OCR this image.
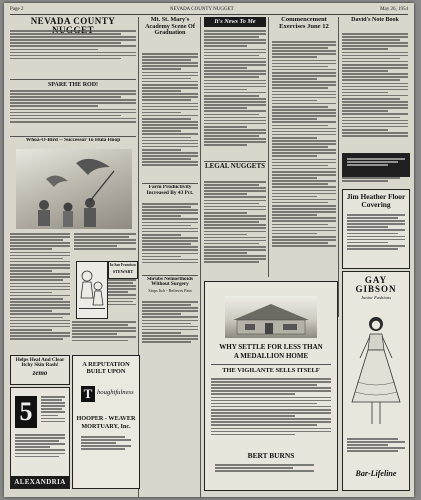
Page 2	NEVADA COUNTY NUGGET	May 26, 1954
NEVADA COUNTY
SPARE THE ROD!
Whoa-O-Bird -- Successor To Hula Hoop
In San Francisco
STEWART
Helps Heal And Clear Itchy Skin Rash!
zemo
5
ALEXANDRIA
A REPUTATION
BUILT UPON
T houghtfulness
HOOPER - WEAVER
MORTUARY, Inc.
Mt. St. Mary's Academy Scene Of Graduation
Farm Productivity Increased By 43 Pct.
Shrubs Nemorthoids Without Surgery
Stops Itch - Relieves Pain
It's News To Me
LEGAL NUGGETS
Commencement Exercises June 12
David's Note Book
Jim Heather Floor Covering
GAY
GIBSON
Junior Fashions
Bar-Lifeline
WHY SETTLE FOR LESS THAN
A MEDALLION HOME
THE VIGILANTE SELLS ITSELF
BERT BURNS
